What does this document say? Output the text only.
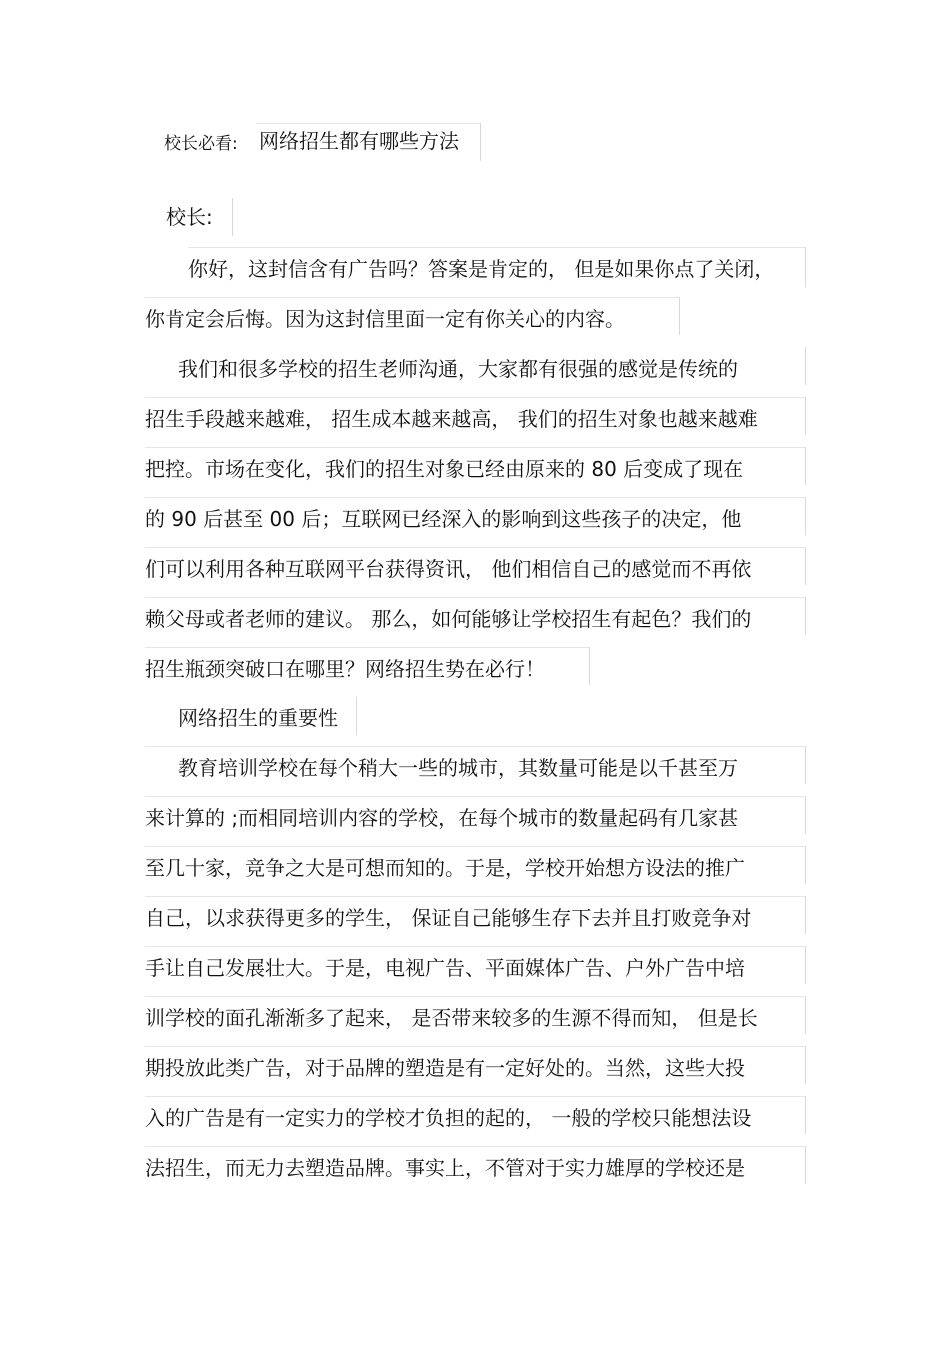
校长必看: 网络招生都有哪些方法
校长:
你好，这封信含有广告吗？答案是肯定的， 但是如果你点了关闭，
你肯定会后悔。因为这封信里面一定有你关心的内容。
我们和很多学校的招生老师沟通，大家都有很强的感觉是传统的
招生手段越来越难， 招生成本越来越高， 我们的招生对象也越来越难
把控。市场在变化，我们的招生对象已经由原来的 80 后变成了现在
的 90 后甚至 00 后；互联网已经深入的影响到这些孩子的决定，他
们可以利用各种互联网平台获得资讯， 他们相信自己的感觉而不再依
赖父母或者老师的建议。 那么，如何能够让学校招生有起色？我们的
招生瓶颈突破口在哪里？网络招生势在必行！
网络招生的重要性
教育培训学校在每个稍大一些的城市，其数量可能是以千甚至万
来计算的 ;而相同培训内容的学校，在每个城市的数量起码有几家甚
至几十家，竞争之大是可想而知的。于是，学校开始想方设法的推广
自己，以求获得更多的学生， 保证自己能够生存下去并且打败竞争对
手让自己发展壮大。于是，电视广告、平面媒体广告、户外广告中培
训学校的面孔渐渐多了起来， 是否带来较多的生源不得而知， 但是长
期投放此类广告，对于品牌的塑造是有一定好处的。当然，这些大投
入的广告是有一定实力的学校才负担的起的， 一般的学校只能想法设
法招生，而无力去塑造品牌。事实上，不管对于实力雄厚的学校还是
